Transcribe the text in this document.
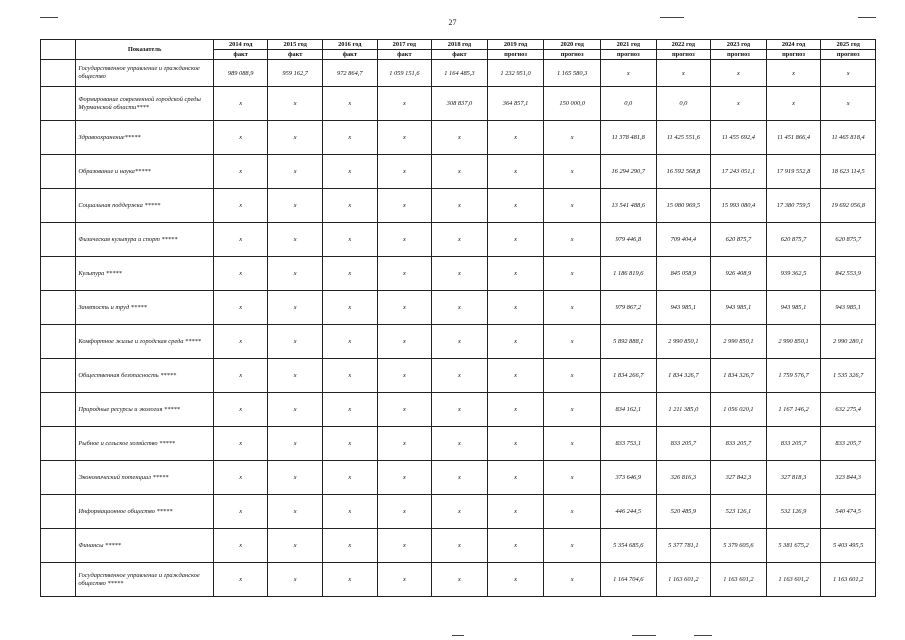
27
	Показатель	2014 год	2015 год	2016 год	2017 год	2018 год	2019 год	2020 год	2021 год	2022 год	2023 год	2024 год	2025 год
		факт	факт	факт	факт	факт	прогноз	прогноз	прогноз	прогноз	прогноз	прогноз	прогноз
	Государственное управление и гражданское общество	989 088,9	959 162,7	972 864,7	1 059 151,6	1 164 485,3	1 232 951,0	1 165 580,3	x	x	x	x	x
	Формирование современной городской среды Мурманской области****	x	x	x	x	308 837,0	364 857,1	150 000,0	0,0	0,0	x	x	x
	Здравоохранение*****	x	x	x	x	x	x	x	11 378 481,8	11 425 551,6	11 455 692,4	11 451 866,4	11 465 818,4
	Образование и наука*****	x	x	x	x	x	x	x	16 294 290,7	16 592 568,8	17 243 051,1	17 919 552,8	18 623 114,5
	Социальная поддержка *****	x	x	x	x	x	x	x	13 541 488,6	15 080 969,5	15 993 080,4	17 380 759,5	19 692 056,8
	Физическая культура и спорт *****	x	x	x	x	x	x	x	979 446,8	709 404,4	620 875,7	620 875,7	620 875,7
	Культура *****	x	x	x	x	x	x	x	1 186 819,6	845 058,9	926 408,9	939 362,5	842 553,9
	Занятость и труд *****	x	x	x	x	x	x	x	979 867,2	943 985,1	943 985,1	943 985,1	943 985,1
	Комфортное жилье и городская среда *****	x	x	x	x	x	x	x	5 892 888,1	2 990 850,1	2 990 850,1	2 990 850,1	2 990 280,1
	Общественная безопасность *****	x	x	x	x	x	x	x	1 834 266,7	1 834 326,7	1 834 326,7	1 759 576,7	1 535 326,7
	Природные ресурсы и экология *****	x	x	x	x	x	x	x	834 162,1	1 211 385,0	1 056 020,1	1 167 146,2	632 275,4
	Рыбное и сельское хозяйство *****	x	x	x	x	x	x	x	833 753,1	833 205,7	833 205,7	833 205,7	833 205,7
	Экономический потенциал *****	x	x	x	x	x	x	x	373 646,9	326 816,3	327 842,3	327 818,3	323 844,3
	Информационное общество *****	x	x	x	x	x	x	x	446 244,5	520 485,9	523 126,1	532 126,9	540 474,5
	Финансы *****	x	x	x	x	x	x	x	5 354 685,6	5 377 781,1	5 379 605,6	5 381 675,2	5 403 495,5
	Государственное управление и гражданское общество *****	x	x	x	x	x	x	x	1 164 704,6	1 163 601,2	1 163 601,2	1 163 601,2	1 163 601,2
